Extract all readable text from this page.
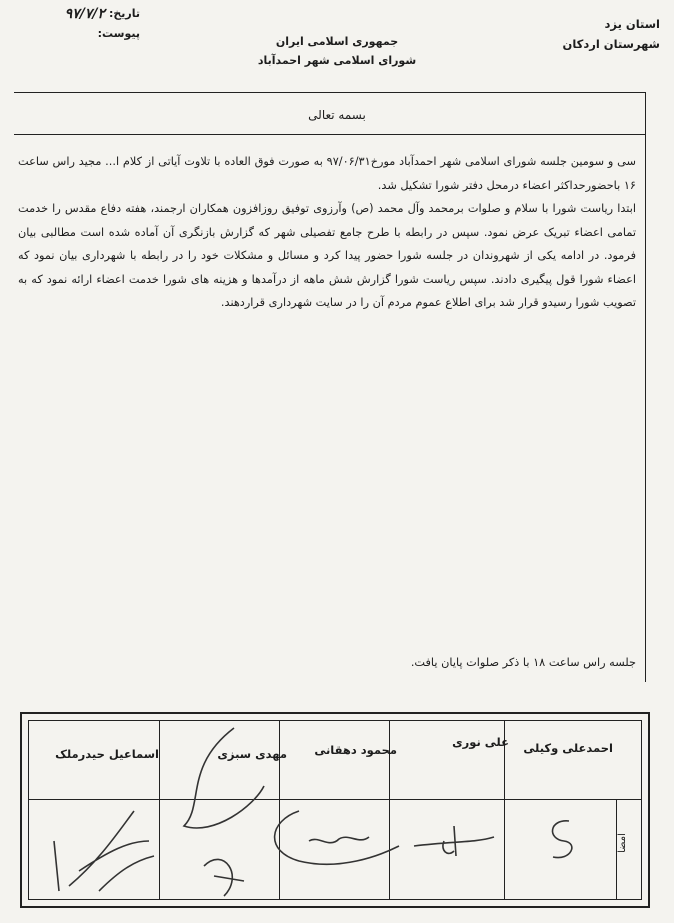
استان یزد
شهرستان اردکان
جمهوری اسلامی ایران
شورای اسلامی شهر احمدآباد
تاریخ:
۹۷/۷/۲
پیوست:
بسمه تعالی

سی و سومین جلسه شورای اسلامی شهر احمدآباد مورخ۹۷/۰۶/۳۱ به صورت فوق العاده با تلاوت آیاتی از کلام ا... مجید راس ساعت ۱۶ باحضورحداکثر اعضاء درمحل دفتر شورا تشکیل شد.

ابتدا ریاست شورا با سلام و صلوات برمحمد وآل محمد (ص) وآرزوی توفیق روزافزون همکاران ارجمند، هفته دفاع مقدس را خدمت تمامی اعضاء تبریک عرض نمود. سپس در رابطه با طرح جامع تفصیلی شهر که گزارش بازنگری آن آماده شده است مطالبی بیان فرمود. در ادامه یکی از شهروندان در جلسه شورا حضور پیدا کرد و مسائل و مشکلات خود را در رابطه با شهرداری بیان نمود که اعضاء شورا قول پیگیری دادند. سپس ریاست شورا گزارش شش ماهه از درآمدها و هزینه های شورا خدمت اعضاء ارائه نمود که به تصویب شورا رسیدو قرار شد برای اطلاع عموم مردم آن را در سایت شهرداری قراردهند.

جلسه راس ساعت ۱۸ با ذکر صلوات پایان یافت.
احمدعلی وکیلی
علی نوری
محمود دهقانی
مهدی سبزی
اسماعیل حیدرملک
امضا
